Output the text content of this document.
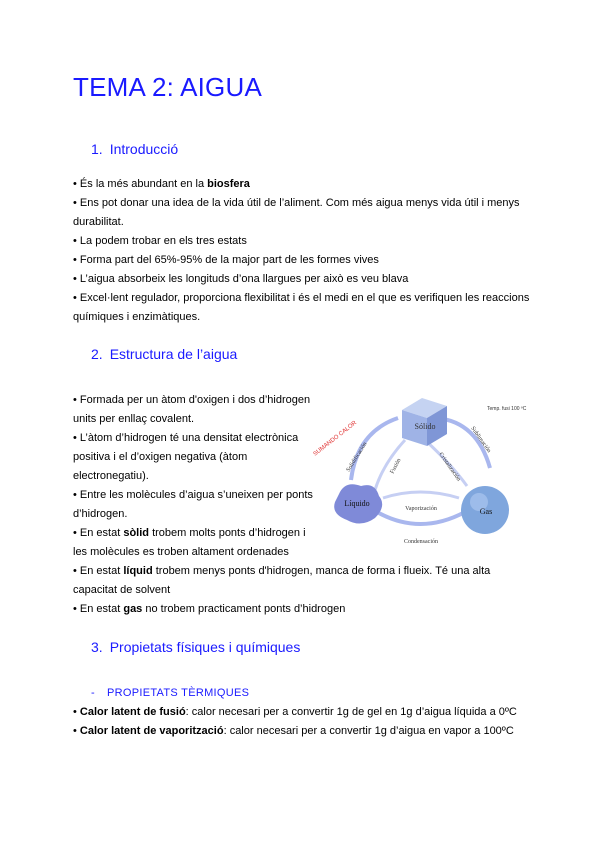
TEMA 2: AIGUA
1. Introducció
• És la més abundant en la biosfera
• Ens pot donar una idea de la vida útil de l’aliment. Com més aigua menys vida útil i menys durabilitat.
• La podem trobar en els tres estats
• Forma part del 65%-95% de la major part de les formes vives
• L’aigua absorbeix les longituds d’ona llargues per això es veu blava
• Excel·lent regulador, proporciona flexibilitat i és el medi en el que es verifiquen les reaccions químiques i enzimàtiques.
2. Estructura de l’aigua
• Formada per un àtom d'oxigen i dos d’hidrogen units per enllaç covalent.
• L’àtom d’hidrogen té una densitat electrònica positiva i el d’oxigen negativa (àtom electronegatiu).
• Entre les molècules d’aigua s’uneixen per ponts d’hidrogen.
• En estat sòlid trobem molts ponts d’hidrogen i les molècules es troben altament ordenades
• En estat líquid trobem menys ponts d'hidrogen, manca de forma i flueix. Té una alta capacitat de solvent
• En estat gas no trobem practicament ponts d’hidrogen
Sólido
Líquido
Gas
Solidificación	Fusión
Sublimación
Cristalización
Vaporización
Condensación
SUMANDO CALOR
Temp. fusi 100 ºC
3. Propietats físiques i químiques

- PROPIETATS TÈRMIQUES

• Calor latent de fusió: calor necesari per a convertir 1g de gel en 1g d’aigua líquida a 0ºC
• Calor latent de vaporització: calor necesari per a convertir 1g d’aigua en vapor a 100ºC
